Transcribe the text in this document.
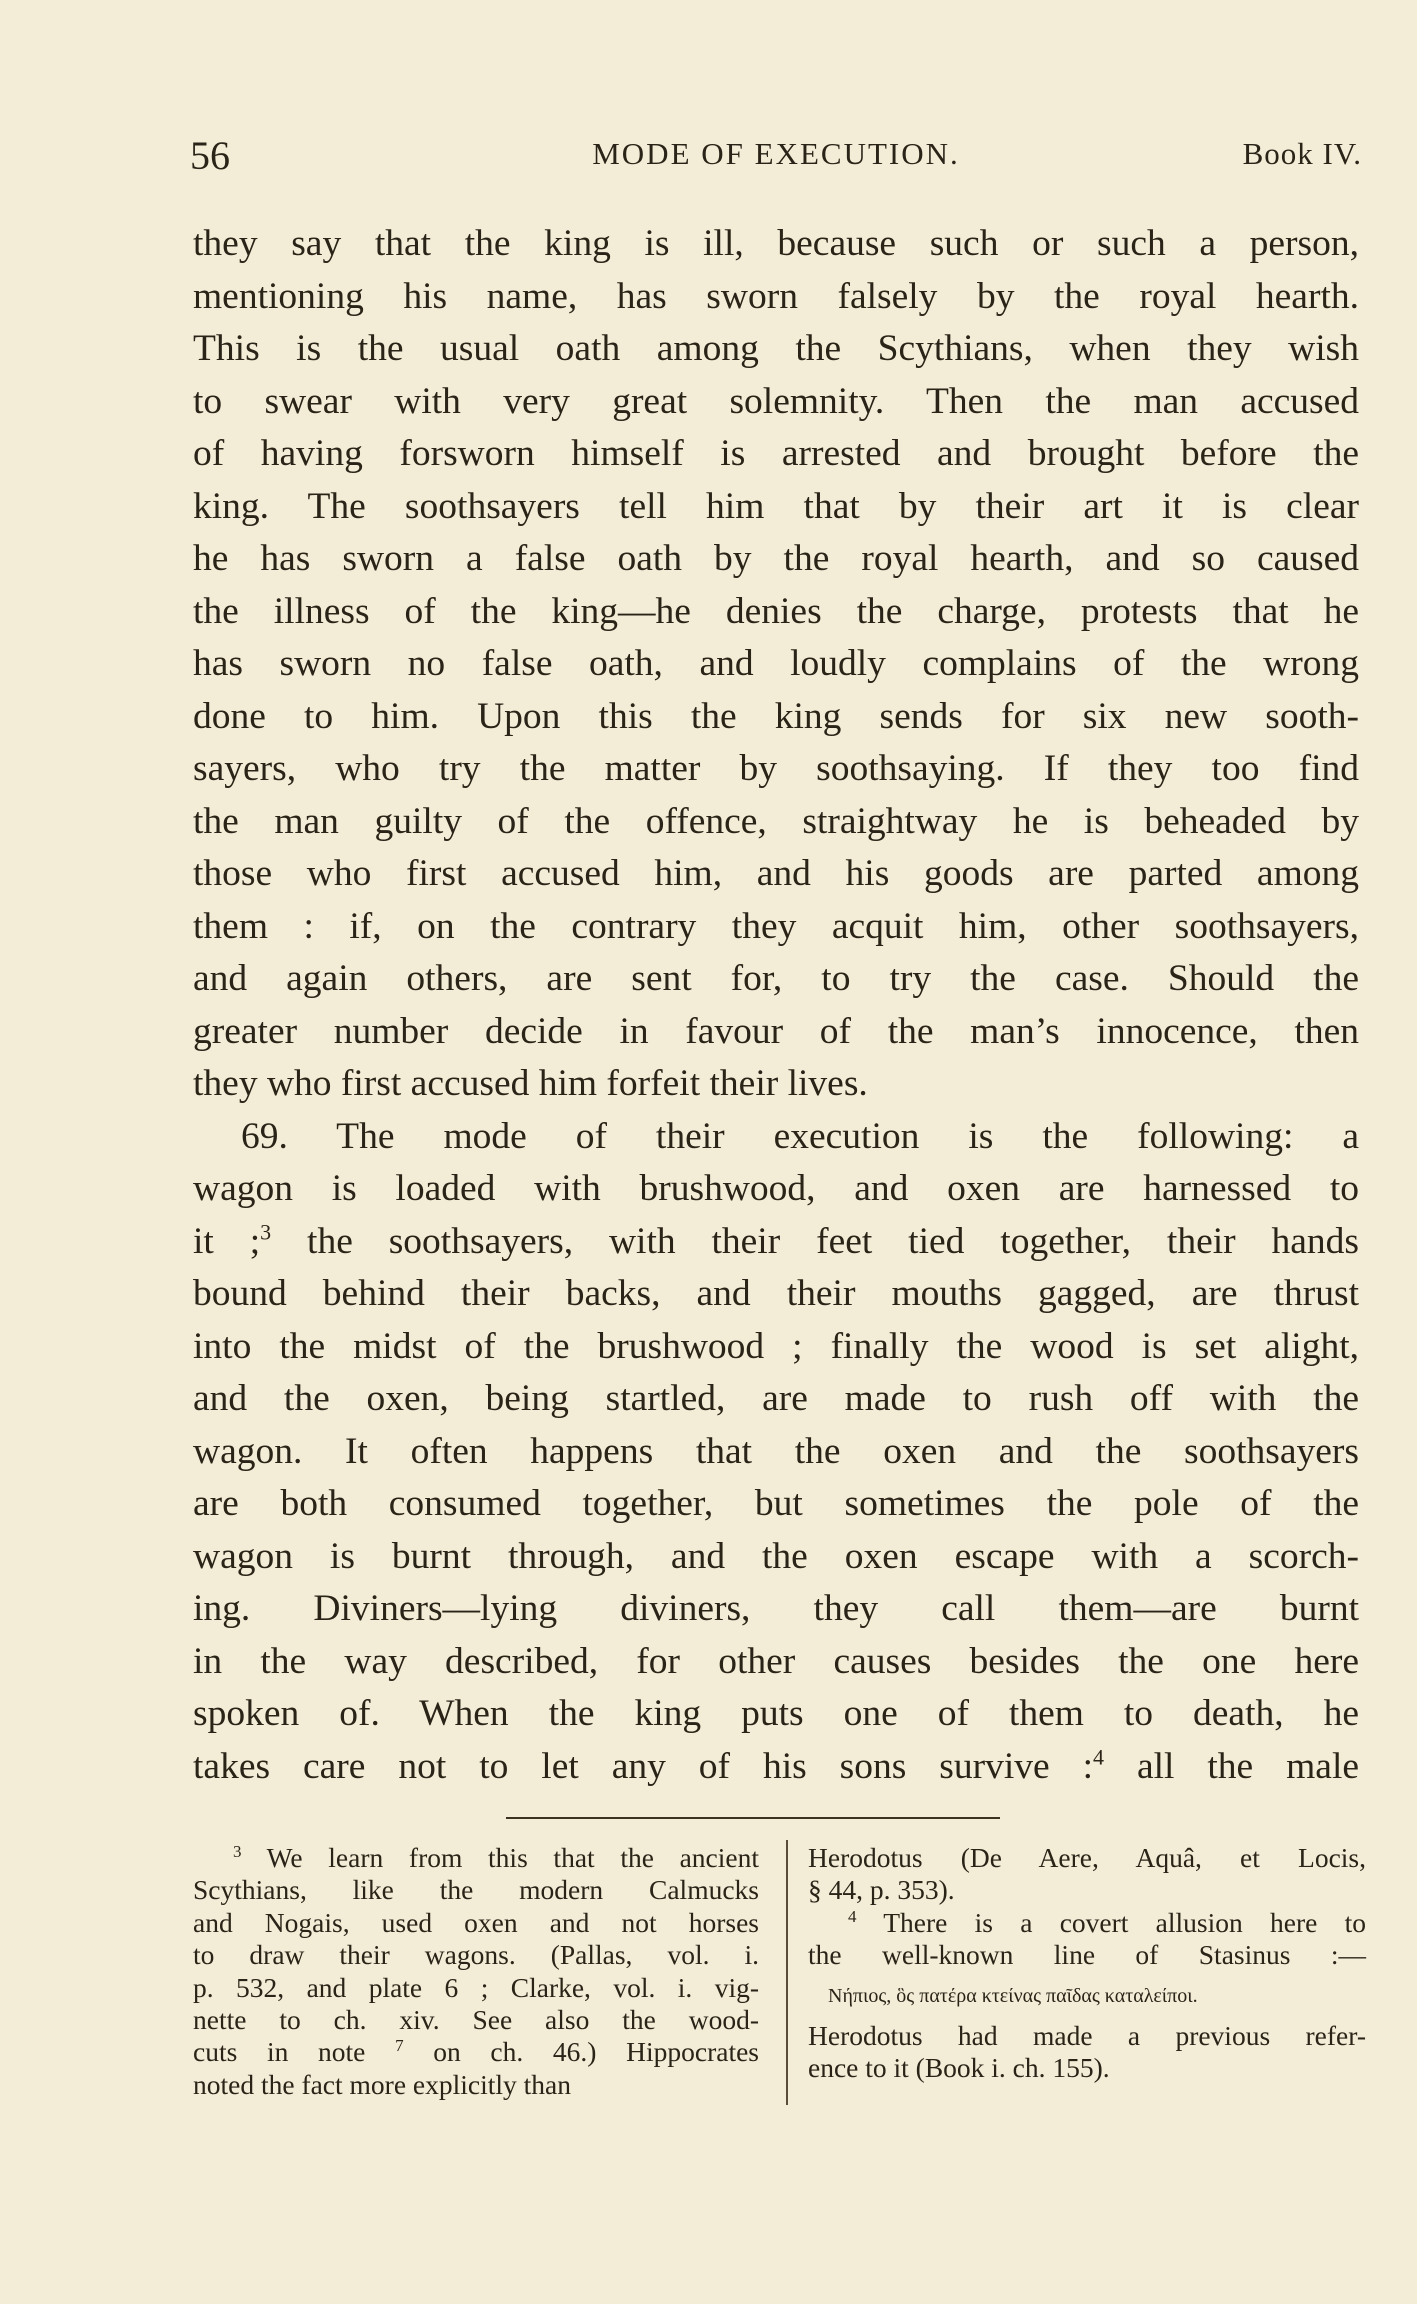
56	MODE OF EXECUTION.	Book IV.
they say that the king is ill, because such or such a person,
mentioning his name, has sworn falsely by the royal hearth.
This is the usual oath among the Scythians, when they wish
to swear with very great solemnity. Then the man accused
of having forsworn himself is arrested and brought before the
king. The soothsayers tell him that by their art it is clear
he has sworn a false oath by the royal hearth, and so caused
the illness of the king—he denies the charge, protests that he
has sworn no false oath, and loudly complains of the wrong
done to him. Upon this the king sends for six new sooth-
sayers, who try the matter by soothsaying. If they too find
the man guilty of the offence, straightway he is beheaded by
those who first accused him, and his goods are parted among
them : if, on the contrary they acquit him, other soothsayers,
and again others, are sent for, to try the case. Should the
greater number decide in favour of the man’s innocence, then
they who first accused him forfeit their lives.
69. The mode of their execution is the following: a
wagon is loaded with brushwood, and oxen are harnessed to
it ;$^3$ the soothsayers, with their feet tied together, their hands
bound behind their backs, and their mouths gagged, are thrust
into the midst of the brushwood ; finally the wood is set alight,
and the oxen, being startled, are made to rush off with the
wagon. It often happens that the oxen and the soothsayers
are both consumed together, but sometimes the pole of the
wagon is burnt through, and the oxen escape with a scorch-
ing. Diviners—lying diviners, they call them—are burnt
in the way described, for other causes besides the one here
spoken of. When the king puts one of them to death, he
takes care not to let any of his sons survive :$^4$ all the male
$^3$ We learn from this that the ancient
Scythians, like the modern Calmucks
and Nogais, used oxen and not horses
to draw their wagons. (Pallas, vol. i.
p. 532, and plate 6 ; Clarke, vol. i. vig-
nette to ch. xiv. See also the wood-
cuts in note $^7$ on ch. 46.) Hippocrates
noted the fact more explicitly than
Herodotus (De Aere, Aquâ, et Locis,
§ 44, p. 353).
$^4$ There is a covert allusion here to
the well-known line of Stasinus :—
Νήπιος, ὃς πατέρα κτείνας παῖδας καταλείποι.
Herodotus had made a previous refer-
ence to it (Book i. ch. 155).
